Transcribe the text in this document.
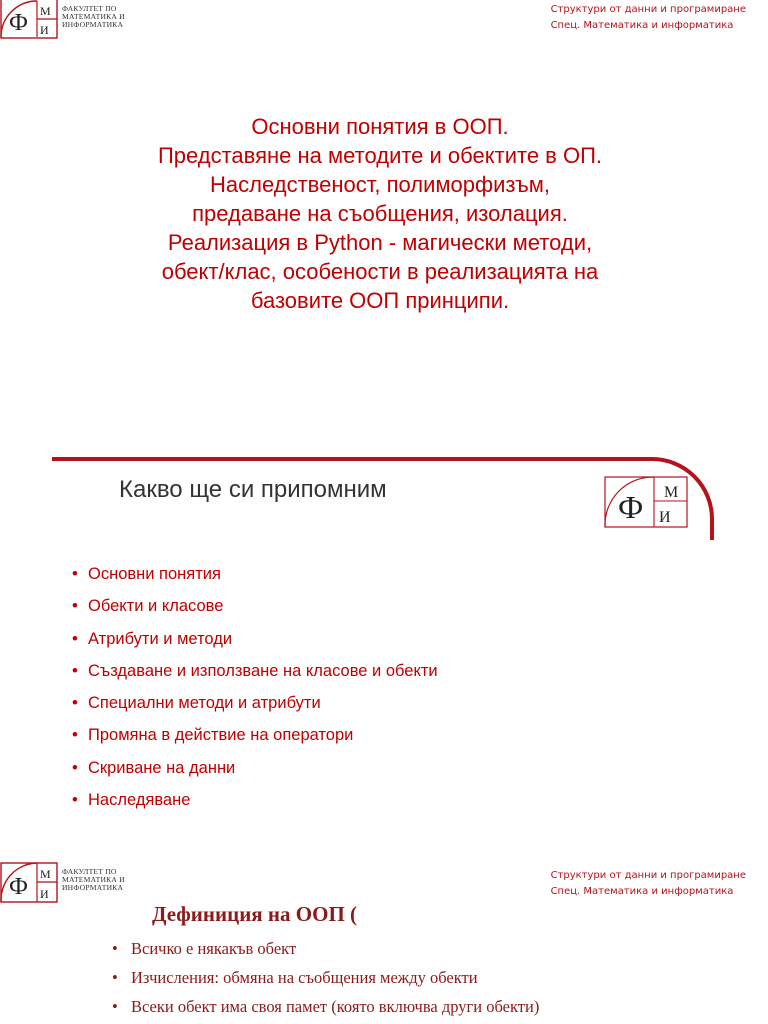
Ф М
И
ФАКУЛТЕТ ПО
МАТЕМАТИКА И
ИНФОРМАТИКА
Структури от данни и програмиране
Спец. Математика и информатика
Основни понятия в ООП.
Представяне на методите и обектите в ОП.
Наследственост, полиморфизъм,
предаване на съобщения, изолация.
Реализация в Python - магически методи,
обект/клас, особености в реализацията на
базовите ООП принципи.
Какво ще си припомним	Ф М
И
• Основни понятия
• Обекти и класове
• Атрибути и методи
• Създаване и използване на класове и обекти
• Специални методи и атрибути
• Промяна в действие на оператори
• Скриване на данни
• Наследяване
Ф М
И
ФАКУЛТЕТ ПО
МАТЕМАТИКА И
ИНФОРМАТИКА
Структури от данни и програмиране
Спец. Математика и информатика
Дефиниция на ООП (
• Всичко е някакъв обект
• Изчисления: обмяна на съобщения между обекти
• Всеки обект има своя памет (която включва други обекти)
